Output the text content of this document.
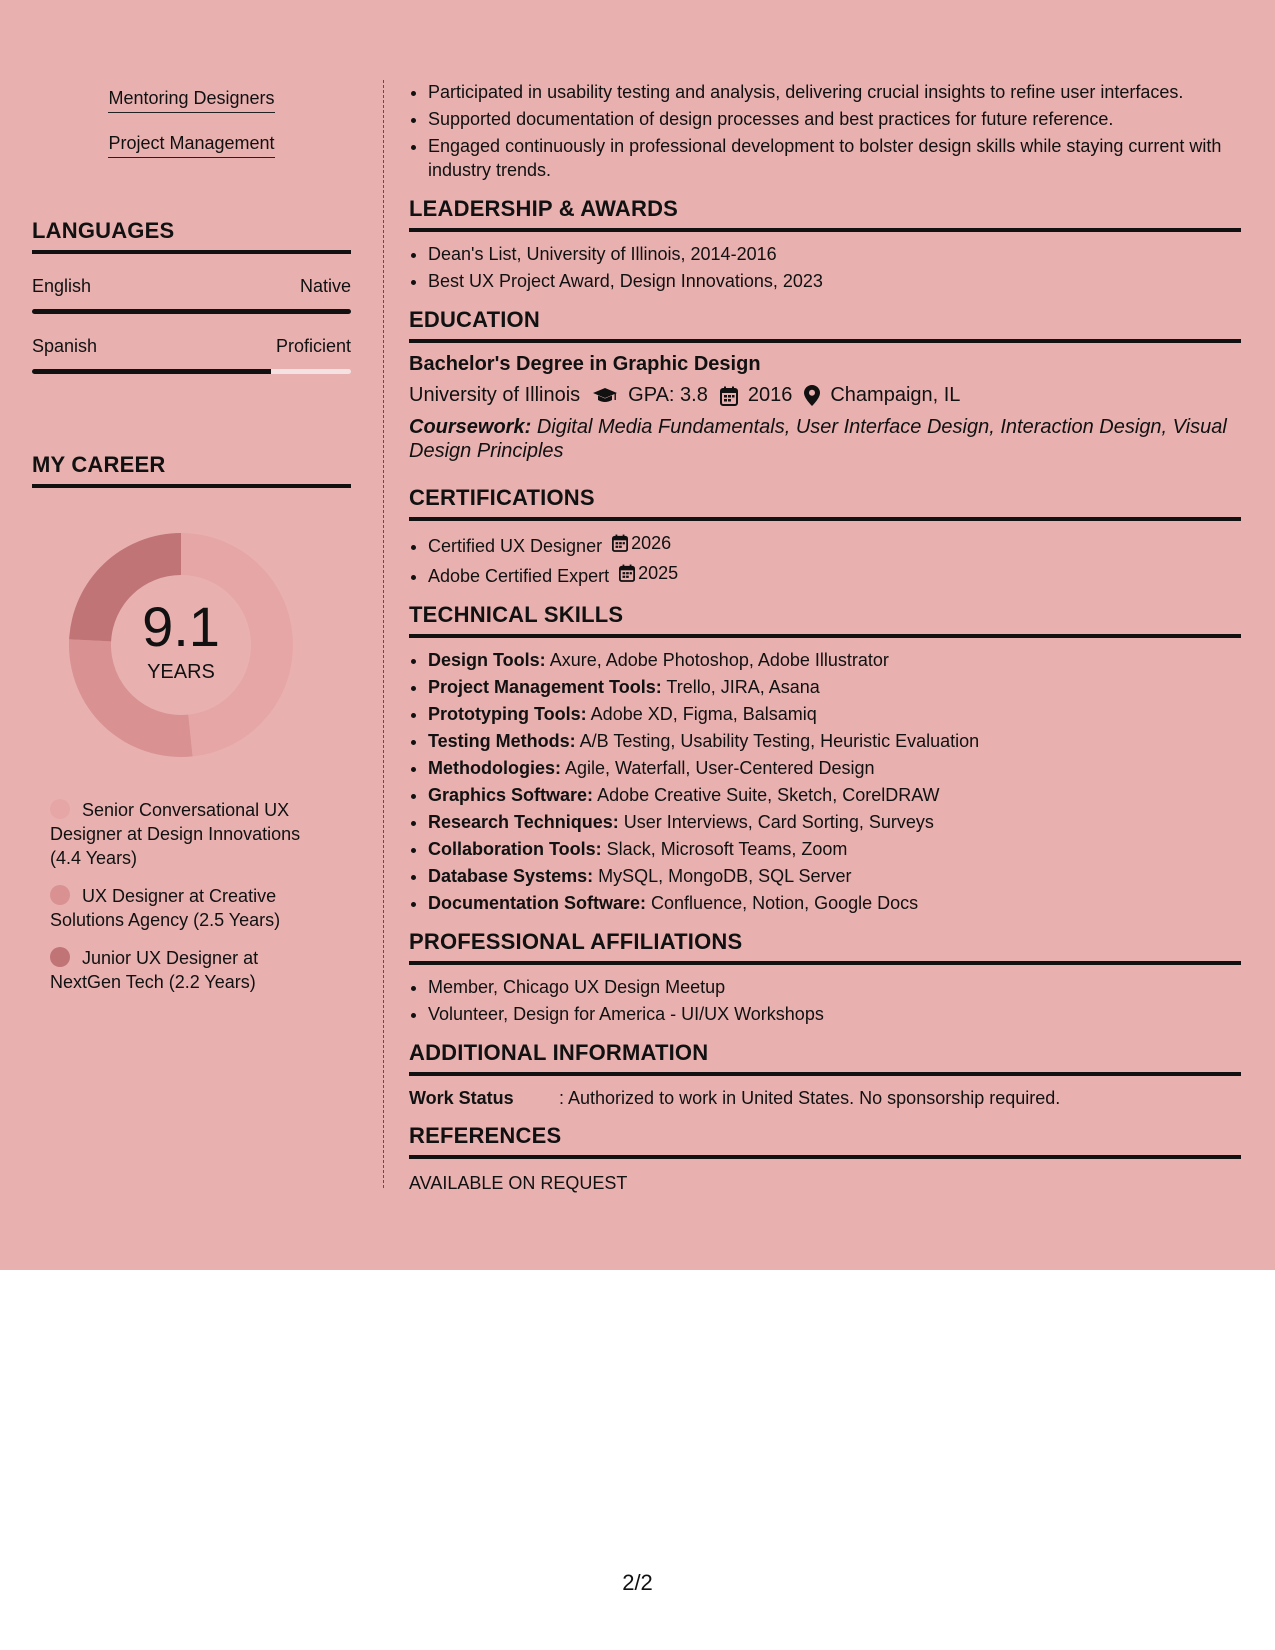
Mentoring Designers
Project Management
LANGUAGES
English	Native
Spanish	Proficient
MY CAREER
9.1
YEARS
Senior Conversational UX Designer at Design Innovations (4.4 Years)
UX Designer at Creative Solutions Agency (2.5 Years)
Junior UX Designer at NextGen Tech (2.2 Years)
• Participated in usability testing and analysis, delivering crucial insights to refine user interfaces.
• Supported documentation of design processes and best practices for future reference.
• Engaged continuously in professional development to bolster design skills while staying current with industry trends.
LEADERSHIP & AWARDS
• Dean's List, University of Illinois, 2014-2016
• Best UX Project Award, Design Innovations, 2023
EDUCATION
Bachelor's Degree in Graphic Design
University of Illinois GPA: 3.8 2016 Champaign, IL
Coursework: Digital Media Fundamentals, User Interface Design, Interaction Design, Visual Design Principles
CERTIFICATIONS
• Certified UX Designer 2026
• Adobe Certified Expert 2025
TECHNICAL SKILLS
• Design Tools: Axure, Adobe Photoshop, Adobe Illustrator
• Project Management Tools: Trello, JIRA, Asana
• Prototyping Tools: Adobe XD, Figma, Balsamiq
• Testing Methods: A/B Testing, Usability Testing, Heuristic Evaluation
• Methodologies: Agile, Waterfall, User-Centered Design
• Graphics Software: Adobe Creative Suite, Sketch, CorelDRAW
• Research Techniques: User Interviews, Card Sorting, Surveys
• Collaboration Tools: Slack, Microsoft Teams, Zoom
• Database Systems: MySQL, MongoDB, SQL Server
• Documentation Software: Confluence, Notion, Google Docs
PROFESSIONAL AFFILIATIONS
• Member, Chicago UX Design Meetup
• Volunteer, Design for America - UI/UX Workshops
ADDITIONAL INFORMATION
Work Status	: Authorized to work in United States. No sponsorship required.
REFERENCES
AVAILABLE ON REQUEST
2/2
